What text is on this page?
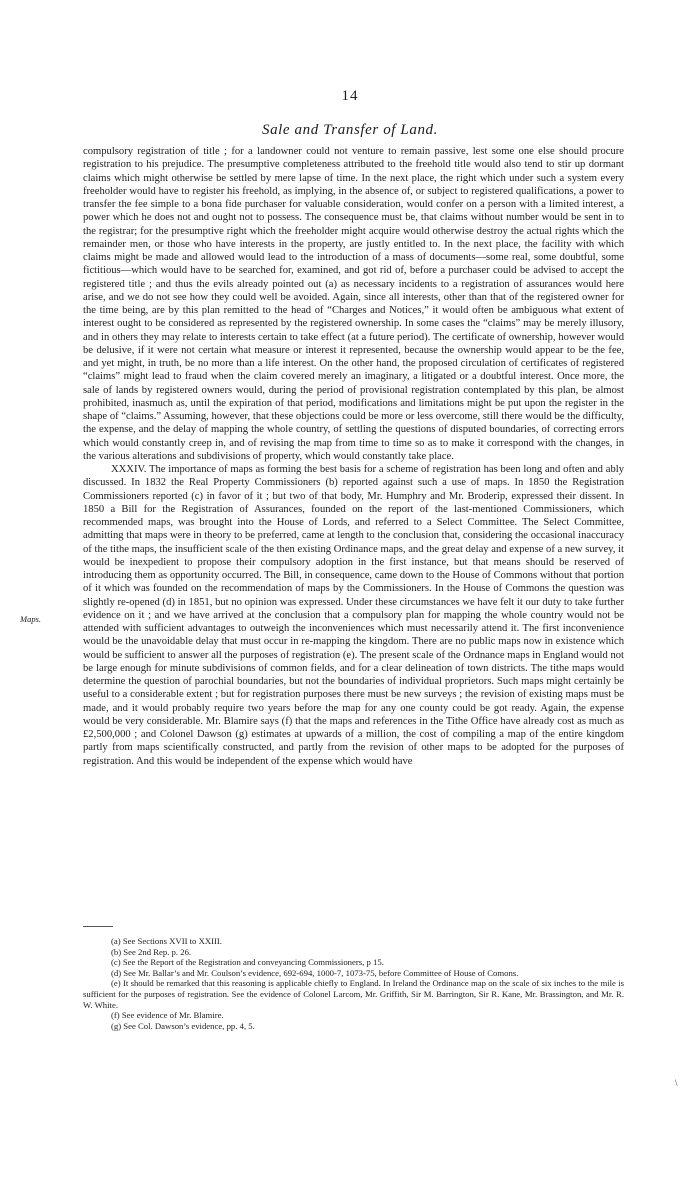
14
Sale and Transfer of Land.

compulsory registration of title ; for a landowner could not venture to remain passive, lest some one else should procure registration to his prejudice. The presumptive completeness attributed to the freehold title would also tend to stir up dormant claims which might otherwise be settled by mere lapse of time. In the next place, the right which under such a system every freeholder would have to register his freehold, as implying, in the absence of, or subject to registered qualifications, a power to transfer the fee simple to a bona fide purchaser for valuable consideration, would confer on a person with a limited interest, a power which he does not and ought not to possess. The consequence must be, that claims without number would be sent in to the registrar; for the presumptive right which the freeholder might acquire would otherwise destroy the actual rights which the remainder men, or those who have interests in the property, are justly entitled to. In the next place, the facility with which claims might be made and allowed would lead to the introduction of a mass of documents—some real, some doubtful, some fictitious—which would have to be searched for, examined, and got rid of, before a purchaser could be advised to accept the registered title ; and thus the evils already pointed out (a) as necessary incidents to a registration of assurances would here arise, and we do not see how they could well be avoided. Again, since all interests, other than that of the registered owner for the time being, are by this plan remitted to the head of “Charges and Notices,” it would often be ambiguous what extent of interest ought to be considered as represented by the registered ownership. In some cases the “claims” may be merely illusory, and in others they may relate to interests certain to take effect (at a future period). The certificate of ownership, however would be delusive, if it were not certain what measure or interest it represented, because the ownership would appear to be the fee, and yet might, in truth, be no more than a life interest. On the other hand, the proposed circulation of certificates of registered “claims” might lead to fraud when the claim covered merely an imaginary, a litigated or a doubtful interest. Once more, the sale of lands by registered owners would, during the period of provisional registration contemplated by this plan, be almost prohibited, inasmuch as, until the expiration of that period, modifications and limitations might be put upon the register in the shape of “claims.” Assuming, however, that these objections could be more or less overcome, still there would be the difficulty, the expense, and the delay of mapping the whole country, of settling the questions of disputed boundaries, of correcting errors which would constantly creep in, and of revising the map from time to time so as to make it correspond with the changes, in the various alterations and subdivisions of property, which would constantly take place.

XXXIV. The importance of maps as forming the best basis for a scheme of registration has been long and often and ably discussed. In 1832 the Real Property Commissioners (b) reported against such a use of maps. In 1850 the Registration Commissioners reported (c) in favor of it ; but two of that body, Mr. Humphry and Mr. Broderip, expressed their dissent. In 1850 a Bill for the Registration of Assurances, founded on the report of the last-mentioned Commissioners, which recommended maps, was brought into the House of Lords, and referred to a Select Committee. The Select Committee, admitting that maps were in theory to be preferred, came at length to the conclusion that, considering the occasional inaccuracy of the tithe maps, the insufficient scale of the then existing Ordinance maps, and the great delay and expense of a new survey, it would be inexpedient to propose their compulsory adoption in the first instance, but that means should be reserved of introducing them as opportunity occurred. The Bill, in consequence, came down to the House of Commons without that portion of it which was founded on the recommendation of maps by the Commissioners. In the House of Commons the question was slightly re-opened (d) in 1851, but no opinion was expressed. Under these circumstances we have felt it our duty to take further evidence on it ; and we have arrived at the conclusion that a compulsory plan for mapping the whole country would not be attended with sufficient advantages to outweigh the inconveniences which must necessarily attend it. The first inconvenience would be the unavoidable delay that must occur in re-mapping the kingdom. There are no public maps now in existence which would be sufficient to answer all the purposes of registration (e). The present scale of the Ordnance maps in England would not be large enough for minute subdivisions of common fields, and for a clear delineation of town districts. The tithe maps would determine the question of parochial boundaries, but not the boundaries of individual proprietors. Such maps might certainly be useful to a considerable extent ; but for registration purposes there must be new surveys ; the revision of existing maps must be made, and it would probably require two years before the map for any one county could be got ready. Again, the expense would be very considerable. Mr. Blamire says (f) that the maps and references in the Tithe Office have already cost as much as £2,500,000 ; and Colonel Dawson (g) estimates at upwards of a million, the cost of compiling a map of the entire kingdom partly from maps scientifically constructed, and partly from the revision of other maps to be adopted for the purposes of registration. And this would be independent of the expense which would have

Maps.
(a) See Sections XVII to XXIII.
(b) See 2nd Rep. p. 26.
(c) See the Report of the Registration and conveyancing Commissioners, p 15.
(d) See Mr. Ballar’s and Mr. Coulson’s evidence, 692-694, 1000-7, 1073-75, before Committee of House of Comons.
(e) It should be remarked that this reasoning is applicable chiefly to England. In Ireland the Ordinance map on the scale of six inches to the mile is sufficient for the purposes of registration. See the evidence of Colonel Larcom, Mr. Griffith, Sir M. Barrington, Sir R. Kane, Mr. Brassington, and Mr. R. W. White.
(f) See evidence of Mr. Blamire.
(g) See Col. Dawson’s evidence, pp. 4, 5.
\
